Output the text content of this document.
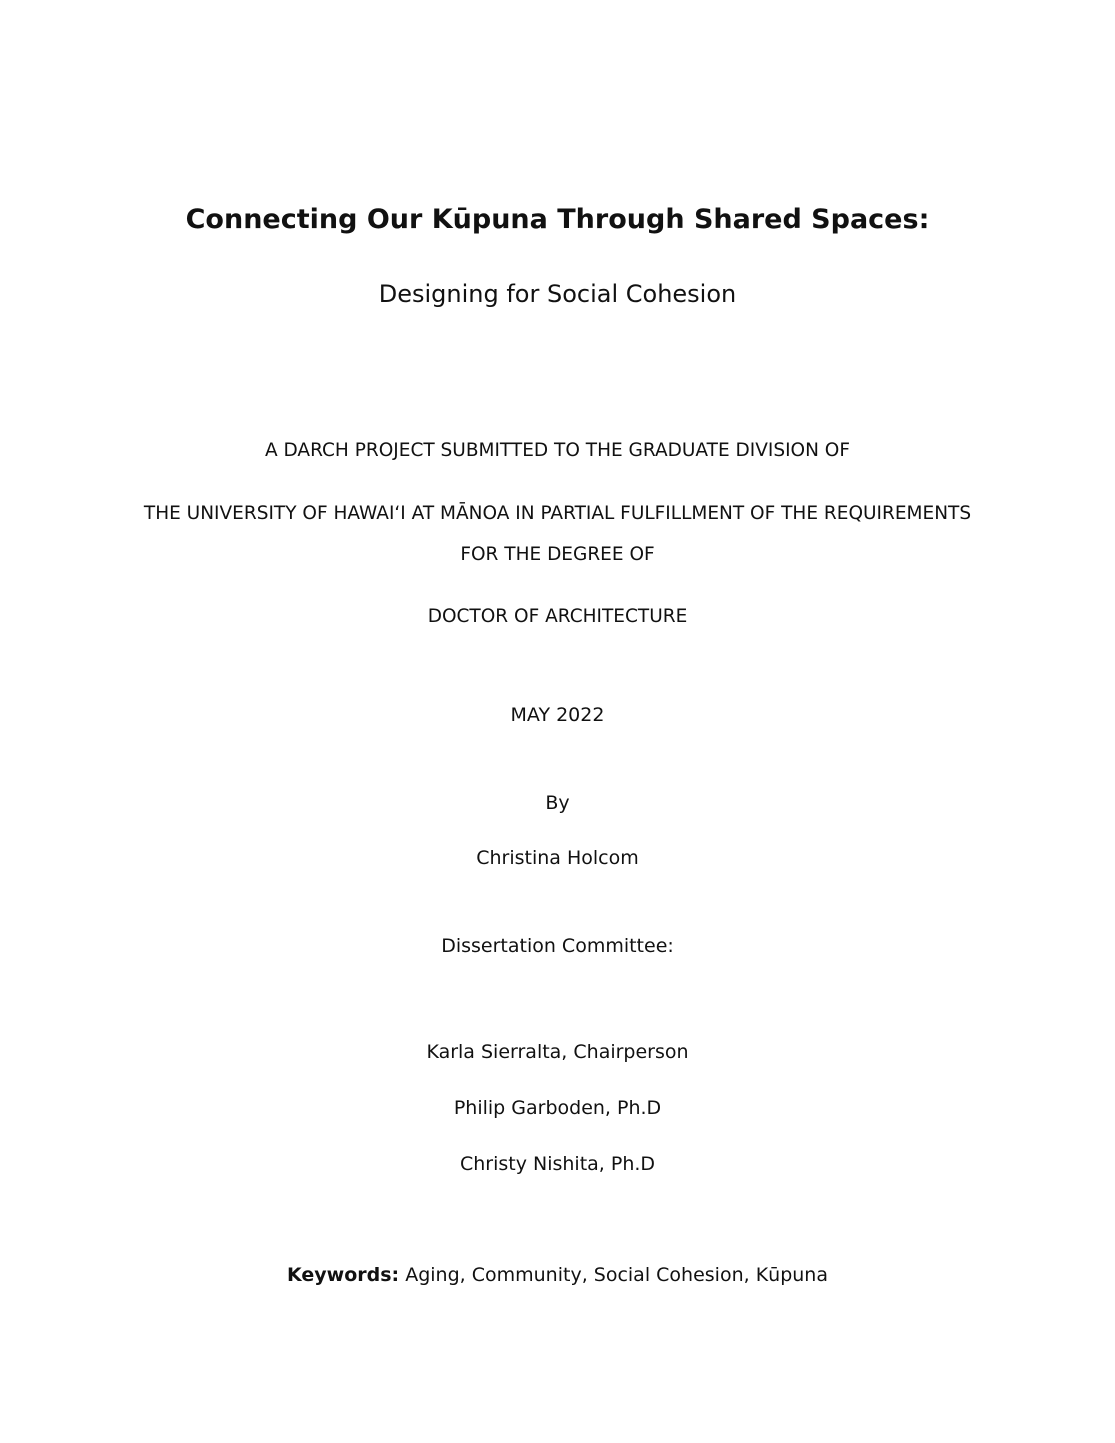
Connecting Our Kūpuna Through Shared Spaces:
Designing for Social Cohesion
A DARCH PROJECT SUBMITTED TO THE GRADUATE DIVISION OF
THE UNIVERSITY OF HAWAIʻI AT MĀNOA IN PARTIAL FULFILLMENT OF THE REQUIREMENTS
FOR THE DEGREE OF
DOCTOR OF ARCHITECTURE
MAY 2022
By
Christina Holcom
Dissertation Committee:
Karla Sierralta, Chairperson
Philip Garboden, Ph.D
Christy Nishita, Ph.D
Keywords: Aging, Community, Social Cohesion, Kūpuna
